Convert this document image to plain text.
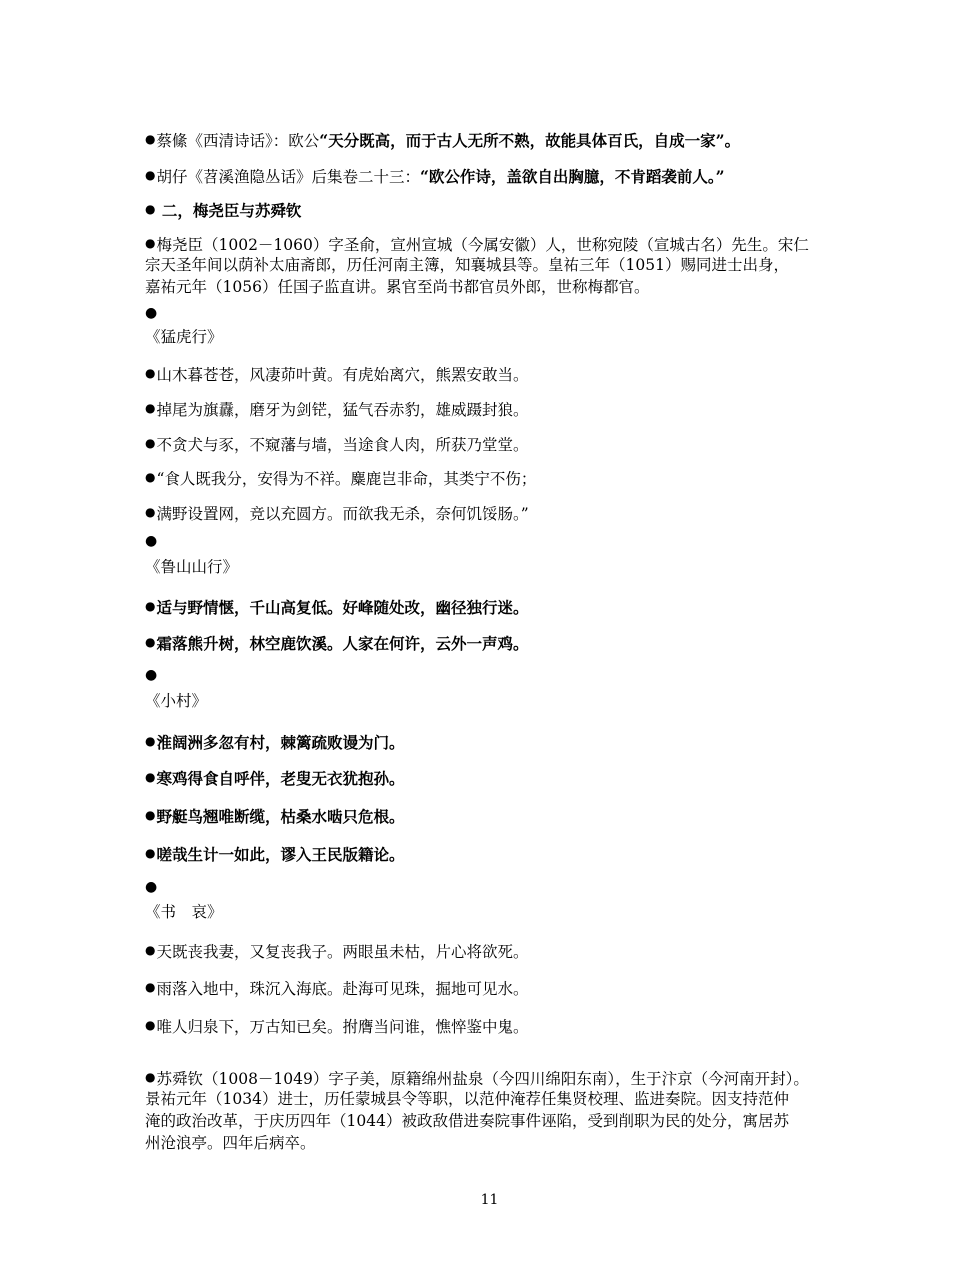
●蔡絛《西清诗话》：欧公“天分既高，而于古人无所不熟，故能具体百氏，自成一家”。
●胡仔《苕溪渔隐丛话》后集卷二十三：“欧公作诗，盖欲自出胸臆，不肯蹈袭前人。”
● 二，梅尧臣与苏舜钦
●梅尧臣（1002－1060）字圣俞，宣州宣城（今属安徽）人，世称宛陵（宣城古名）先生。宋仁
宗天圣年间以荫补太庙斋郎，历任河南主簿，知襄城县等。皇祐三年（1051）赐同进士出身，
嘉祐元年（1056）任国子监直讲。累官至尚书都官员外郎，世称梅都官。
●
《猛虎行》
●山木暮苍苍，风凄茆叶黄。有虎始离穴，熊罴安敢当。
●掉尾为旗纛，磨牙为剑铓，猛气吞赤豹，雄威蹑封狼。
●不贪犬与豕，不窥藩与墙，当途食人肉，所获乃堂堂。
●“食人既我分，安得为不祥。麋鹿岂非命，其类宁不伤；
●满野设置网，竞以充圆方。而欲我无杀，奈何饥馁肠。”
●
《鲁山山行》
●适与野情惬，千山高复低。好峰随处改，幽径独行迷。
●霜落熊升树，林空鹿饮溪。人家在何许，云外一声鸡。
●
《小村》
●淮阔洲多忽有村，棘篱疏败谩为门。
●寒鸡得食自呼伴，老叟无衣犹抱孙。
●野艇鸟翘唯断缆，枯桑水啮只危根。
●嗟哉生计一如此，谬入王民版籍论。
●
《书　哀》
●天既丧我妻，又复丧我子。两眼虽未枯，片心将欲死。
●雨落入地中，珠沉入海底。赴海可见珠，掘地可见水。
●唯人归泉下，万古知已矣。拊膺当问谁，憔悴鉴中鬼。
●苏舜钦（1008－1049）字子美，原籍绵州盐泉（今四川绵阳东南），生于汴京（今河南开封）。
景祐元年（1034）进士，历任蒙城县令等职，以范仲淹荐任集贤校理、监进奏院。因支持范仲
淹的政治改革，于庆历四年（1044）被政敌借进奏院事件诬陷，受到削职为民的处分，寓居苏
州沧浪亭。四年后病卒。
11
